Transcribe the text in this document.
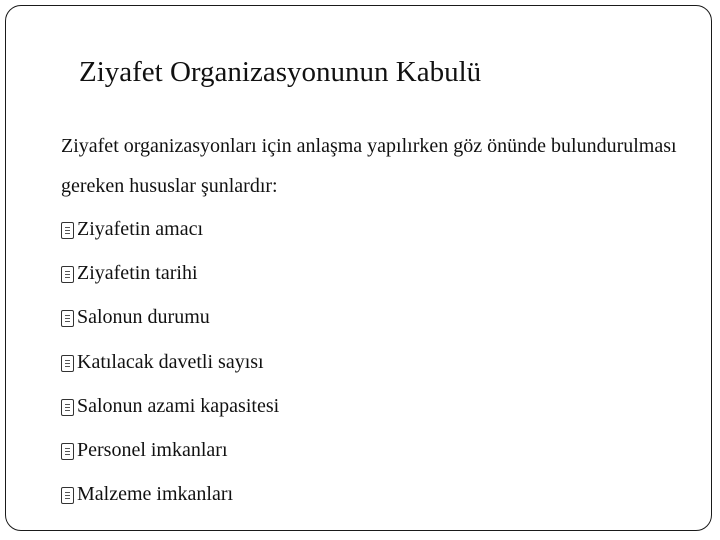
Ziyafet Organizasyonunun Kabulü
Ziyafet organizasyonları için anlaşma yapılırken göz önünde bulundurulması gereken hususlar şunlardır:
Ziyafetin amacı
Ziyafetin tarihi
Salonun durumu
Katılacak davetli sayısı
Salonun azami kapasitesi
Personel imkanları
Malzeme imkanları
